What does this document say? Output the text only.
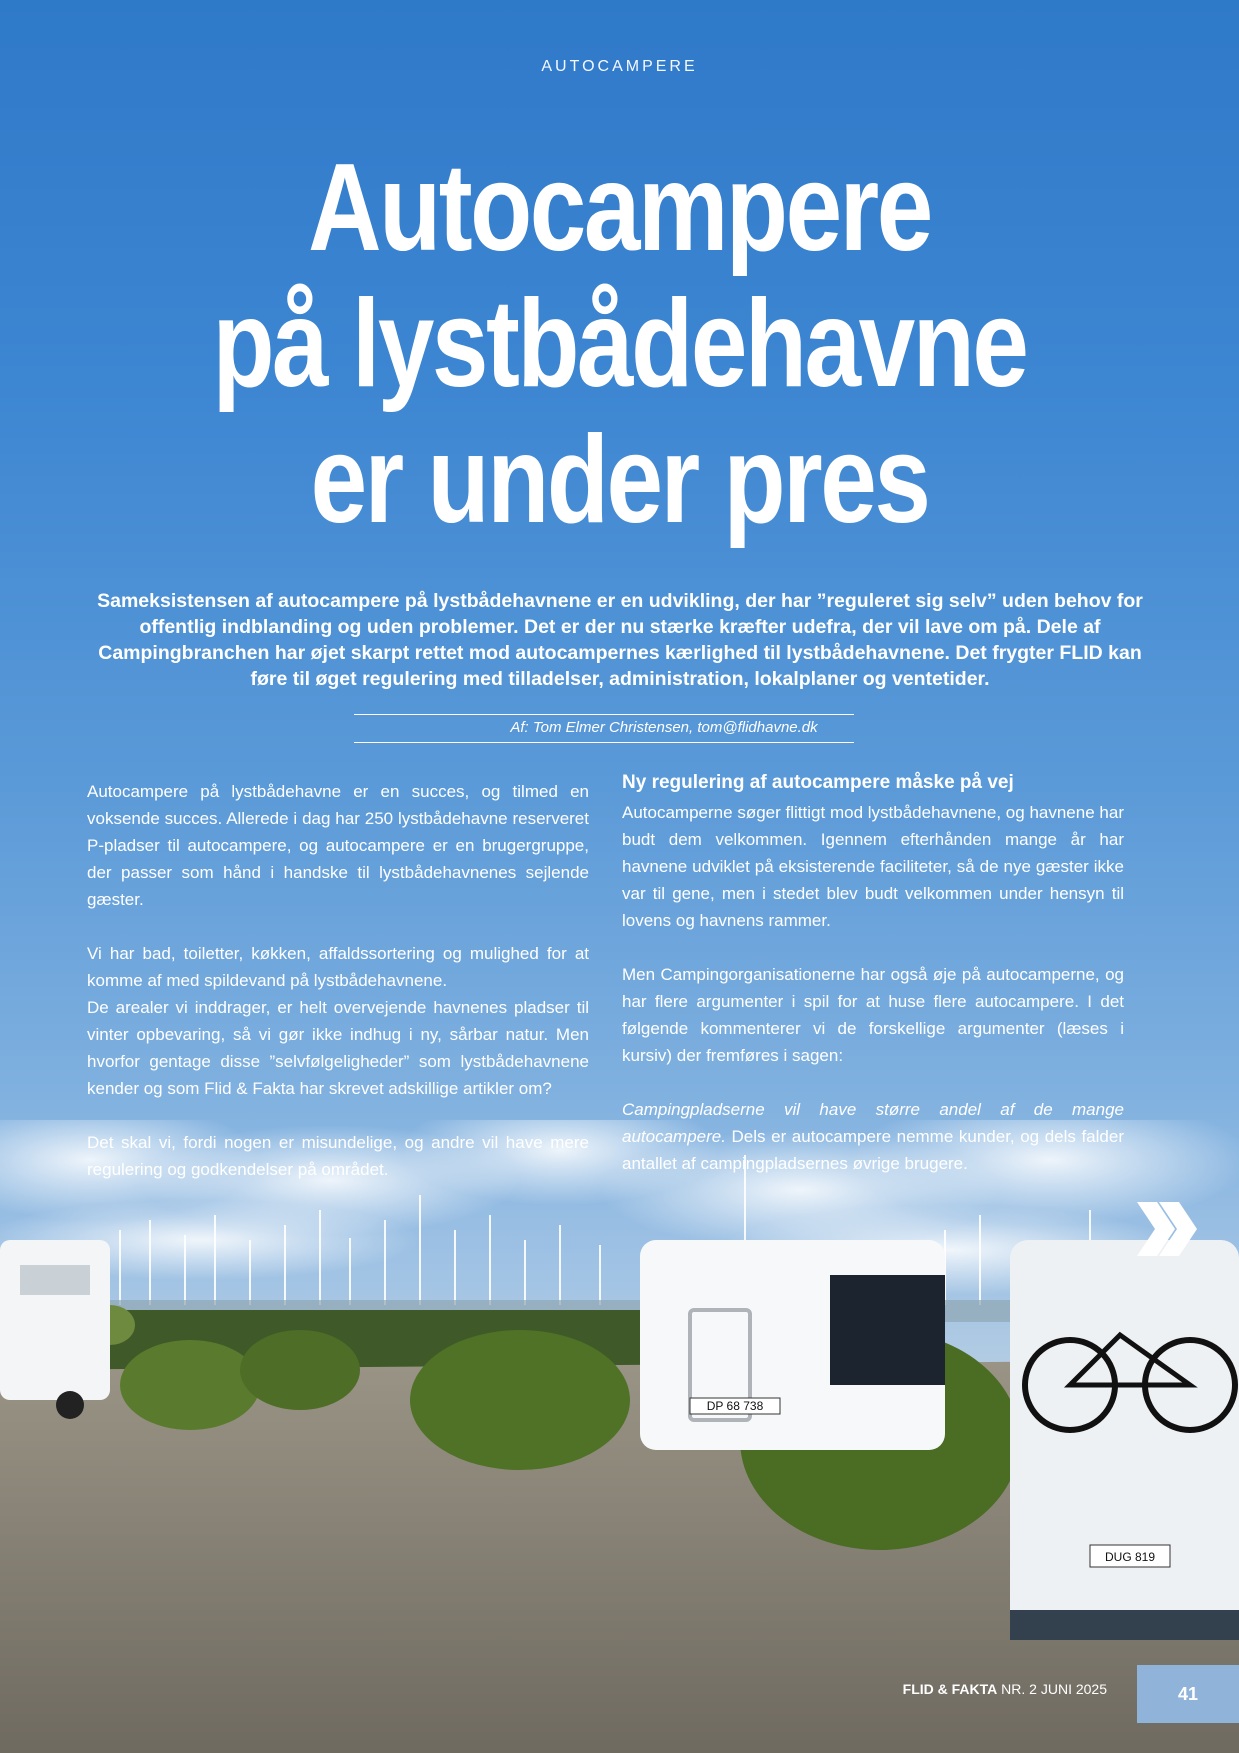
DP 68 738
DUG 819
AUTOCAMPERE
Autocampere
på lystbådehavne
er under pres
Sameksistensen af autocampere på lystbådehavnene er en udvikling, der har ”reguleret sig selv” uden behov for offentlig indblanding og uden problemer. Det er der nu stærke kræfter udefra, der vil lave om på. Dele af Campingbranchen har øjet skarpt rettet mod autocampernes kærlighed til lystbådehavnene. Det frygter FLID kan føre til øget regulering med tilladelser, administration, lokalplaner og ventetider.
Af: Tom Elmer Christensen, tom@flidhavne.dk

Autocampere på lystbådehavne er en succes, og tilmed en voksende succes. Allerede i dag har 250 lystbådehavne reserveret P-pladser til autocampere, og autocampere er en brugergruppe, der passer som hånd i handske til lystbådehavnenes sejlende gæster.

Vi har bad, toiletter, køkken, affaldssortering og mulighed for at komme af med spildevand på lystbådehavnene.

De arealer vi inddrager, er helt overvejende havnenes pladser til vinter opbevaring, så vi gør ikke indhug i ny, sårbar natur. Men hvorfor gentage disse ”selvfølgeligheder” som lystbådehavnene kender og som Flid & Fakta har skrevet adskillige artikler om?

Det skal vi, fordi nogen er misundelige, og andre vil have mere regulering og godkendelser på området.

Ny regulering af autocampere måske på vej

Autocamperne søger flittigt mod lystbådehavnene, og havnene har budt dem velkommen. Igennem efterhånden mange år har havnene udviklet på eksisterende faciliteter, så de nye gæster ikke var til gene, men i stedet blev budt velkommen under hensyn til lovens og havnens rammer.

Men Campingorganisationerne har også øje på autocamperne, og har flere argumenter i spil for at huse flere autocampere. I det følgende kommenterer vi de forskellige argumenter (læses i kursiv) der fremføres i sagen:

Campingpladserne vil have større andel af de mange autocampere. Dels er autocampere nemme kunder, og dels falder antallet af campingpladsernes øvrige brugere.

FLID & FAKTA NR. 2 JUNI 2025	41
